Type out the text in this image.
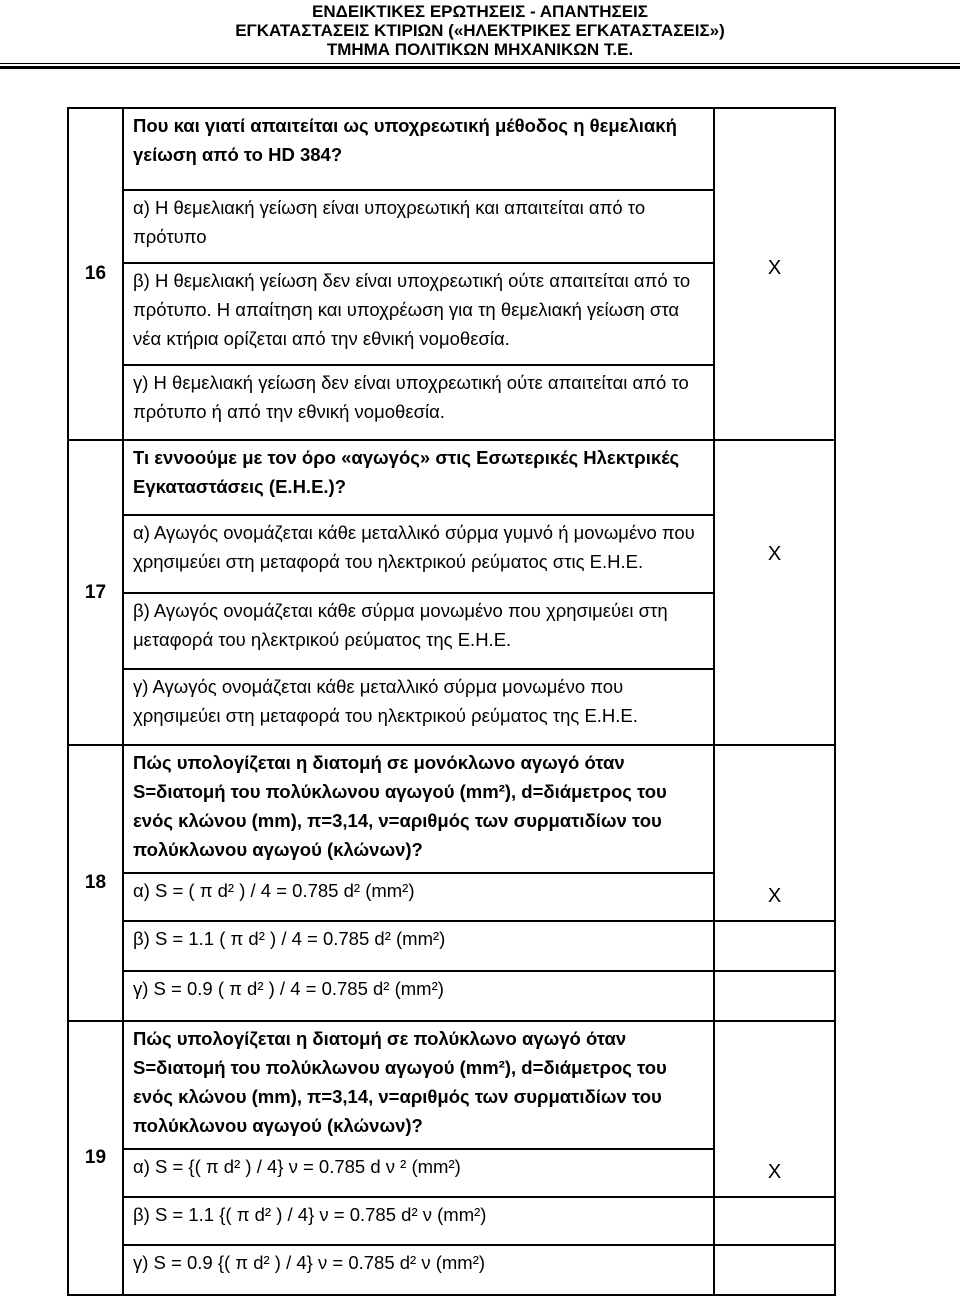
ΕΝΔΕΙΚΤΙΚΕΣ ΕΡΩΤΗΣΕΙΣ - ΑΠΑΝΤΗΣΕΙΣ
ΕΓΚΑΤΑΣΤΑΣΕΙΣ ΚΤΙΡΙΩΝ («ΗΛΕΚΤΡΙΚΕΣ ΕΓΚΑΤΑΣΤΑΣΕΙΣ»)
ΤΜΗΜΑ ΠΟΛΙΤΙΚΩΝ ΜΗΧΑΝΙΚΩΝ Τ.Ε.
16	Που και γιατί απαιτείται ως υποχρεωτική μέθοδος η θεμελιακή γείωση από το HD 384?	X
	α) Η θεμελιακή γείωση είναι υποχρεωτική και απαιτείται από το πρότυπο	
	β) Η θεμελιακή γείωση δεν είναι υποχρεωτική ούτε απαιτείται από το πρότυπο. Η απαίτηση και υποχρέωση για τη θεμελιακή γείωση στα νέα κτήρια ορίζεται από την εθνική νομοθεσία.	
	γ) Η θεμελιακή γείωση δεν είναι υποχρεωτική ούτε απαιτείται από το πρότυπο ή από την εθνική νομοθεσία.	
17	Τι εννοούμε με τον όρο «αγωγός» στις Εσωτερικές Ηλεκτρικές Εγκαταστάσεις (Ε.Η.Ε.)?	X
	α) Αγωγός ονομάζεται κάθε μεταλλικό σύρμα γυμνό ή μονωμένο που χρησιμεύει στη μεταφορά του ηλεκτρικού ρεύματος στις Ε.Η.Ε.	
	β) Αγωγός ονομάζεται κάθε σύρμα μονωμένο που χρησιμεύει στη μεταφορά του ηλεκτρικού ρεύματος της Ε.Η.Ε.	
	γ) Αγωγός ονομάζεται κάθε μεταλλικό σύρμα μονωμένο που χρησιμεύει στη μεταφορά του ηλεκτρικού ρεύματος της Ε.Η.Ε.	
18	Πώς υπολογίζεται η διατομή σε μονόκλωνο αγωγό όταν S=διατομή του πολύκλωνου αγωγού (mm²), d=διάμετρος του ενός κλώνου (mm), π=3,14, ν=αριθμός των συρματιδίων του πολύκλωνου αγωγού (κλώνων)?	
	α) S = ( π d² ) / 4 = 0.785 d² (mm²)	X
	β) S = 1.1 ( π d² ) / 4 = 0.785 d² (mm²)	
	γ) S = 0.9 ( π d² ) / 4 = 0.785 d² (mm²)	
19	Πώς υπολογίζεται η διατομή σε πολύκλωνο αγωγό όταν S=διατομή του πολύκλωνου αγωγού (mm²), d=διάμετρος του ενός κλώνου (mm), π=3,14, ν=αριθμός των συρματιδίων του πολύκλωνου αγωγού (κλώνων)?	
	α) S = {( π d² ) / 4} ν = 0.785 d ν ² (mm²)	X
	β) S = 1.1 {( π d² ) / 4} ν = 0.785 d² ν (mm²)	
	γ) S = 0.9 {( π d² ) / 4} ν = 0.785 d² ν (mm²)	
